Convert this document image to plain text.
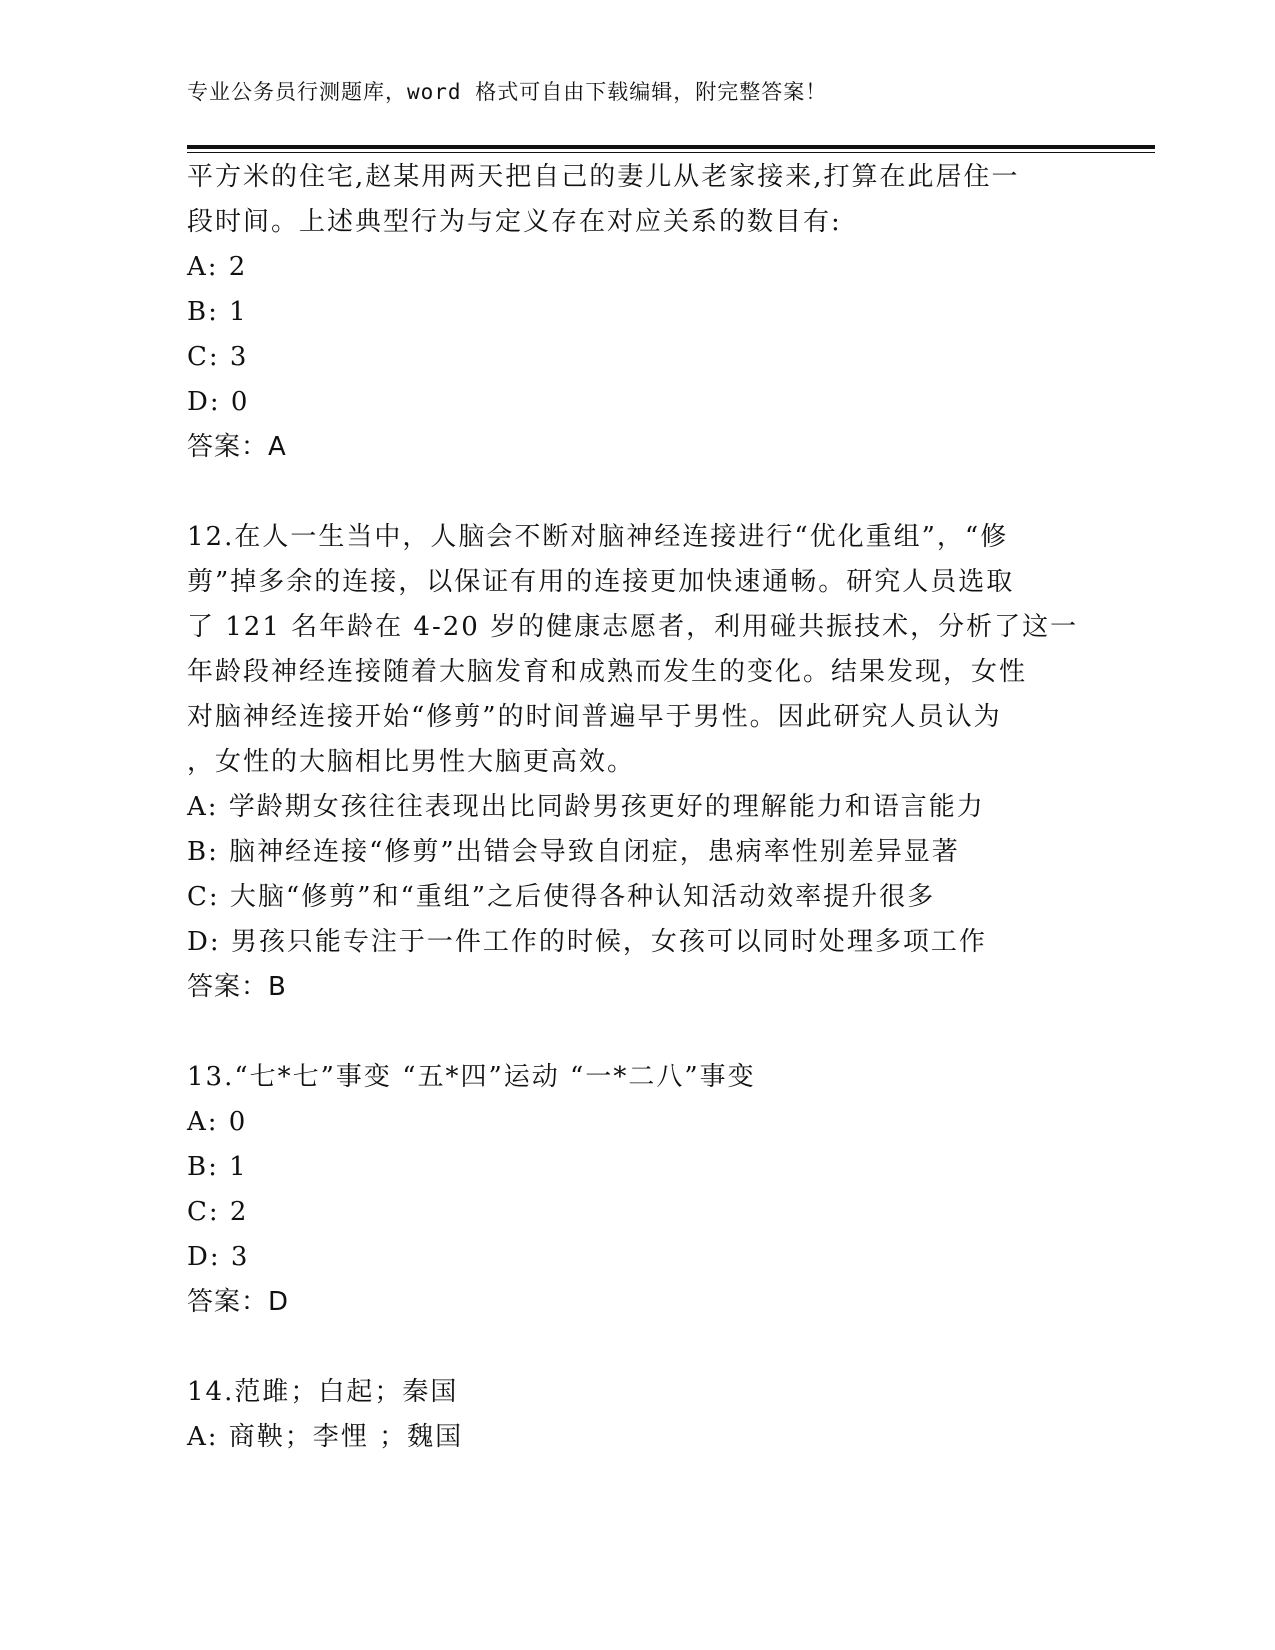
专业公务员行测题库，word 格式可自由下载编辑，附完整答案！
平方米的住宅,赵某用两天把自己的妻儿从老家接来,打算在此居住一
段时间。上述典型行为与定义存在对应关系的数目有:
A: 2
B: 1
C: 3
D: 0
答案：A
12.在人一生当中，人脑会不断对脑神经连接进行“优化重组”，“修
剪”掉多余的连接，以保证有用的连接更加快速通畅。研究人员选取
了 121 名年龄在 4-20 岁的健康志愿者，利用碰共振技术，分析了这一
年龄段神经连接随着大脑发育和成熟而发生的变化。结果发现，女性
对脑神经连接开始“修剪”的时间普遍早于男性。因此研究人员认为
，女性的大脑相比男性大脑更高效。
A: 学龄期女孩往往表现出比同龄男孩更好的理解能力和语言能力
B: 脑神经连接“修剪”出错会导致自闭症，患病率性别差异显著
C: 大脑“修剪”和“重组”之后使得各种认知活动效率提升很多
D: 男孩只能专注于一件工作的时候，女孩可以同时处理多项工作
答案：B
13.“七*七”事变 “五*四”运动 “一*二八”事变
A: 0
B: 1
C: 2
D: 3
答案：D
14.范雎；白起；秦国
A: 商鞅；李悝 ；魏国
